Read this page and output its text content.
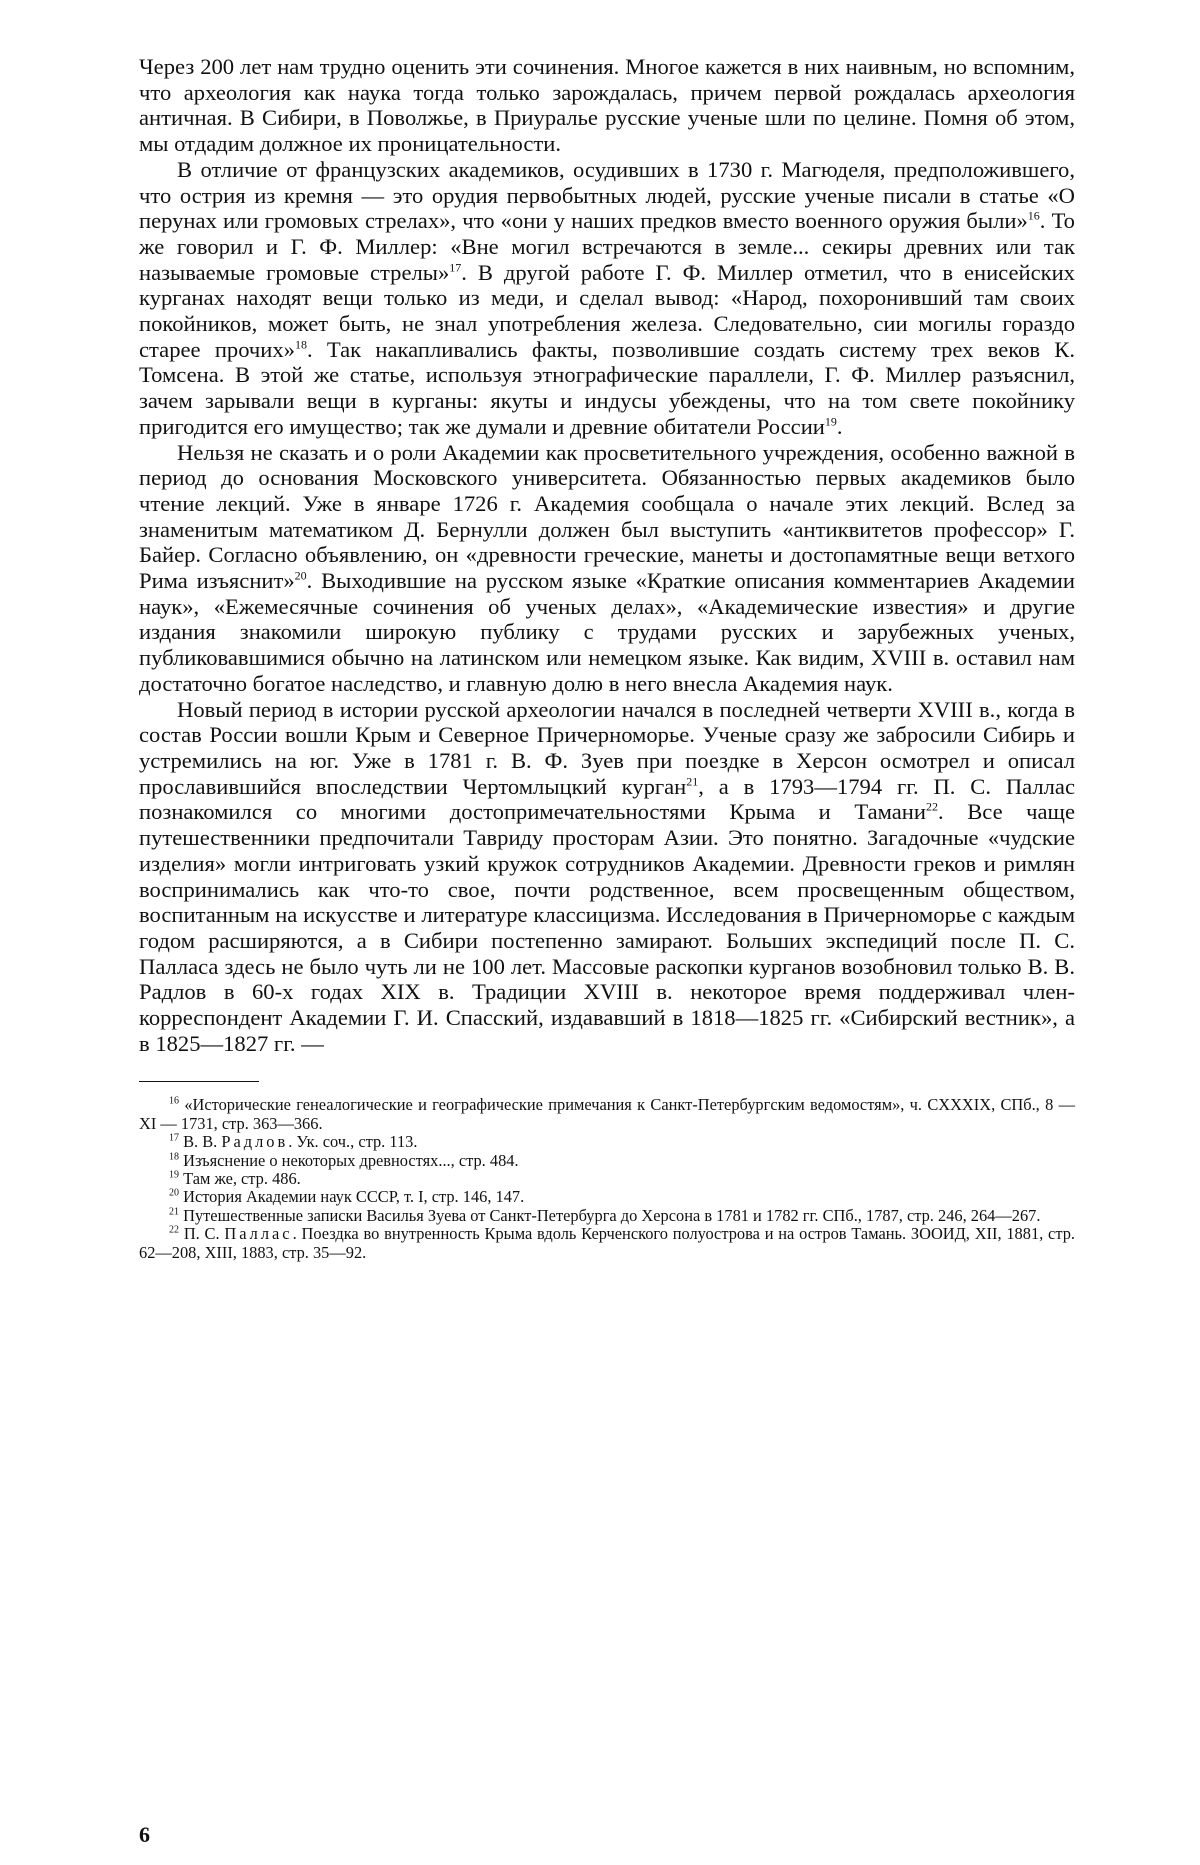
Через 200 лет нам трудно оценить эти сочинения. Многое кажется в них наивным, но вспомним, что археология как наука тогда только зарождалась, причем первой рождалась археология античная. В Сибири, в Поволжье, в Приуралье русские ученые шли по целине. Помня об этом, мы отдадим должное их проницательности.

В отличие от французских академиков, осудивших в 1730 г. Магюделя, предположившего, что острия из кремня — это орудия первобытных людей, русские ученые писали в статье «О перунах или громовых стрелах», что «они у наших предков вместо военного оружия были»$^{16}$. То же говорил и Г. Ф. Миллер: «Вне могил встречаются в земле... секиры древних или так называемые громовые стрелы»$^{17}$. В другой работе Г. Ф. Миллер отметил, что в енисейских курганах находят вещи только из меди, и сделал вывод: «Народ, похоронивший там своих покойников, может быть, не знал употребления железа. Следовательно, сии могилы гораздо старее прочих»$^{18}$. Так накапливались факты, позволившие создать систему трех веков К. Томсена. В этой же статье, используя этнографические параллели, Г. Ф. Миллер разъяснил, зачем зарывали вещи в курганы: якуты и индусы убеждены, что на том свете покойнику пригодится его имущество; так же думали и древние обитатели России$^{19}$.

Нельзя не сказать и о роли Академии как просветительного учреждения, особенно важной в период до основания Московского университета. Обязанностью первых академиков было чтение лекций. Уже в январе 1726 г. Академия сообщала о начале этих лекций. Вслед за знаменитым математиком Д. Бернулли должен был выступить «антиквитетов профессор» Г. Байер. Согласно объявлению, он «древности греческие, манеты и достопамятные вещи ветхого Рима изъяснит»$^{20}$. Выходившие на русском языке «Краткие описания комментариев Академии наук», «Ежемесячные сочинения об ученых делах», «Академические известия» и другие издания знакомили широкую публику с трудами русских и зарубежных ученых, публиковавшимися обычно на латинском или немецком языке. Как видим, XVIII в. оставил нам достаточно богатое наследство, и главную долю в него внесла Академия наук.

Новый период в истории русской археологии начался в последней четверти XVIII в., когда в состав России вошли Крым и Северное Причерноморье. Ученые сразу же забросили Сибирь и устремились на юг. Уже в 1781 г. В. Ф. Зуев при поездке в Херсон осмотрел и описал прославившийся впоследствии Чертомлыцкий курган$^{21}$, а в 1793—1794 гг. П. С. Паллас познакомился со многими достопримечательностями Крыма и Тамани$^{22}$. Все чаще путешественники предпочитали Тавриду просторам Азии. Это понятно. Загадочные «чудские изделия» могли интриговать узкий кружок сотрудников Академии. Древности греков и римлян воспринимались как что-то свое, почти родственное, всем просвещенным обществом, воспитанным на искусстве и литературе классицизма. Исследования в Причерноморье с каждым годом расширяются, а в Сибири постепенно замирают. Больших экспедиций после П. С. Палласа здесь не было чуть ли не 100 лет. Массовые раскопки курганов возобновил только В. В. Радлов в 60-х годах XIX в. Традиции XVIII в. некоторое время поддерживал член-корреспондент Академии Г. И. Спасский, издававший в 1818—1825 гг. «Сибирский вестник», а в 1825—1827 гг. —

$^{16}$ «Исторические генеалогические и географические примечания к Санкт-Петербургским ведомостям», ч. CXXXIX, СПб., 8 — XI — 1731, стр. 363—366.

$^{17}$ В. В. Радлов. Ук. соч., стр. 113.

$^{18}$ Изъяснение о некоторых древностях..., стр. 484.

$^{19}$ Там же, стр. 486.

$^{20}$ История Академии наук СССР, т. I, стр. 146, 147.

$^{21}$ Путешественные записки Василья Зуева от Санкт-Петербурга до Херсона в 1781 и 1782 гг. СПб., 1787, стр. 246, 264—267.

$^{22}$ П. С. Паллас. Поездка во внутренность Крыма вдоль Керченского полуострова и на остров Тамань. ЗООИД, XII, 1881, стр. 62—208, XIII, 1883, стр. 35—92.

6
